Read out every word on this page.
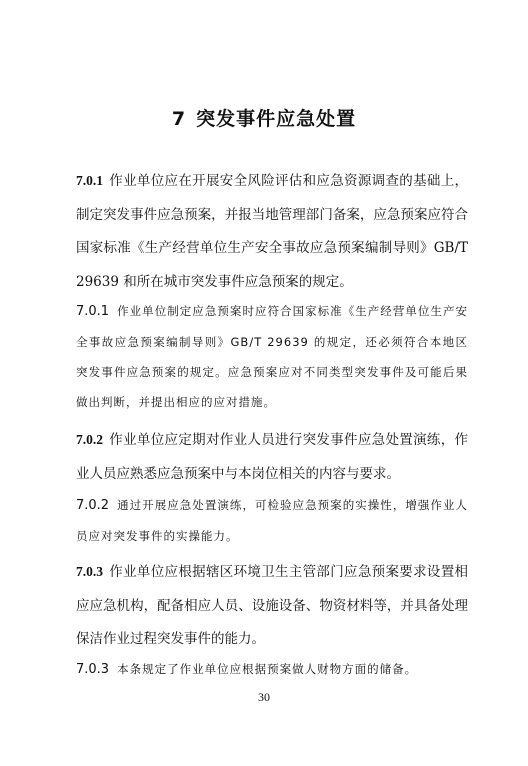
7 突发事件应急处置

7.0.1 作业单位应在开展安全风险评估和应急资源调查的基础上，制定突发事件应急预案，并报当地管理部门备案，应急预案应符合国家标准《生产经营单位生产安全事故应急预案编制导则》GB/T 29639 和所在城市突发事件应急预案的规定。

7.0.1 作业单位制定应急预案时应符合国家标准《生产经营单位生产安全事故应急预案编制导则》GB/T 29639 的规定，还必须符合本地区突发事件应急预案的规定。应急预案应对不同类型突发事件及可能后果做出判断，并提出相应的应对措施。

7.0.2 作业单位应定期对作业人员进行突发事件应急处置演练，作业人员应熟悉应急预案中与本岗位相关的内容与要求。

7.0.2 通过开展应急处置演练，可检验应急预案的实操性，增强作业人员应对突发事件的实操能力。

7.0.3 作业单位应根据辖区环境卫生主管部门应急预案要求设置相应应急机构，配备相应人员、设施设备、物资材料等，并具备处理保洁作业过程突发事件的能力。

7.0.3 本条规定了作业单位应根据预案做人财物方面的储备。

30
